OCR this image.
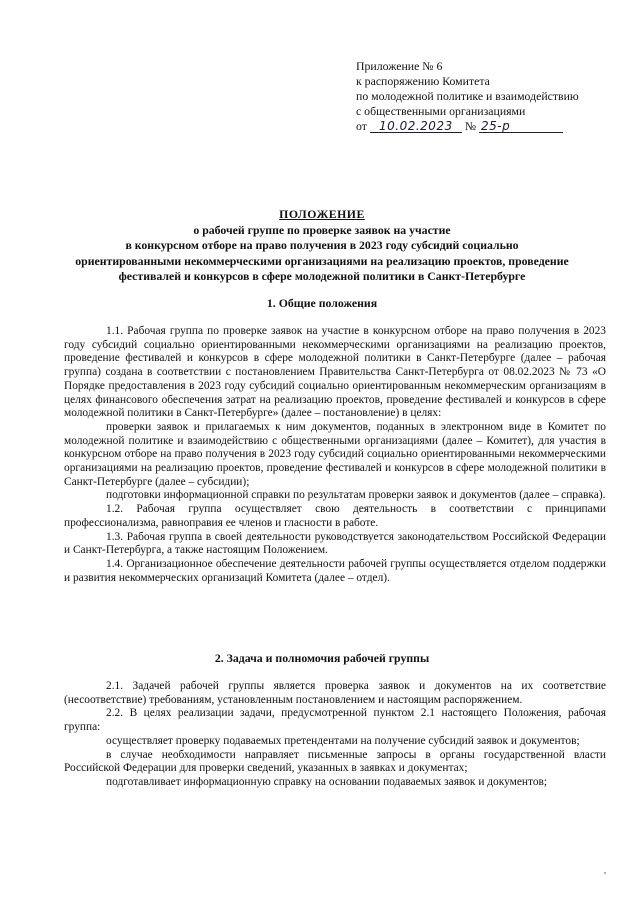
Приложение № 6
к распоряжению Комитета
по молодежной политике и взаимодействию
с общественными организациями
от 10.02.2023 № 25-р
ПОЛОЖЕНИЕ
о рабочей группе по проверке заявок на участие
в конкурсном отборе на право получения в 2023 году субсидий социально
ориентированными некоммерческими организациями на реализацию проектов, проведение
фестивалей и конкурсов в сфере молодежной политики в Санкт-Петербурге
1. Общие положения

1.1. Рабочая группа по проверке заявок на участие в конкурсном отборе на право получения в 2023 году субсидий социально ориентированными некоммерческими организациями на реализацию проектов, проведение фестивалей и конкурсов в сфере молодежной политики в Санкт-Петербурге (далее – рабочая группа) создана в соответствии с постановлением Правительства Санкт-Петербурга от 08.02.2023 № 73 «О Порядке предоставления в 2023 году субсидий социально ориентированным некоммерческим организациям в целях финансового обеспечения затрат на реализацию проектов, проведение фестивалей и конкурсов в сфере молодежной политики в Санкт-Петербурге» (далее – постановление) в целях:

проверки заявок и прилагаемых к ним документов, поданных в электронном виде в Комитет по молодежной политике и взаимодействию с общественными организациями (далее – Комитет), для участия в конкурсном отборе на право получения в 2023 году субсидий социально ориентированными некоммерческими организациями на реализацию проектов, проведение фестивалей и конкурсов в сфере молодежной политики в Санкт-Петербурге (далее – субсидии);

подготовки информационной справки по результатам проверки заявок и документов (далее – справка).

1.2. Рабочая группа осуществляет свою деятельность в соответствии с принципами профессионализма, равноправия ее членов и гласности в работе.

1.3. Рабочая группа в своей деятельности руководствуется законодательством Российской Федерации и Санкт-Петербурга, а также настоящим Положением.

1.4. Организационное обеспечение деятельности рабочей группы осуществляется отделом поддержки и развития некоммерческих организаций Комитета (далее – отдел).

2. Задача и полномочия рабочей группы

2.1. Задачей рабочей группы является проверка заявок и документов на их соответствие (несоответствие) требованиям, установленным постановлением и настоящим распоряжением.

2.2. В целях реализации задачи, предусмотренной пунктом 2.1 настоящего Положения, рабочая группа:

осуществляет проверку подаваемых претендентами на получение субсидий заявок и документов;

в случае необходимости направляет письменные запросы в органы государственной власти Российской Федерации для проверки сведений, указанных в заявках и документах;

подготавливает информационную справку на основании подаваемых заявок и документов;
